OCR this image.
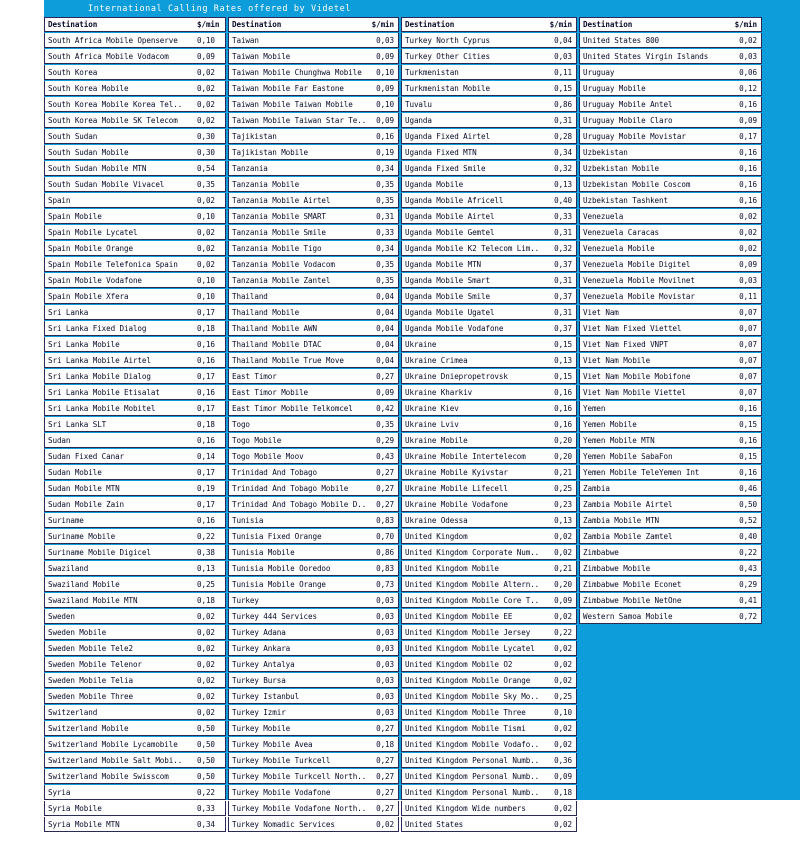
International Calling Rates offered by Videtel
Destination	$/min
South Africa Mobile Openserve	0,10
South Africa Mobile Vodacom	0,09
South Korea	0,02
South Korea Mobile	0,02
South Korea Mobile Korea Tel..	0,02
South Korea Mobile SK Telecom	0,02
South Sudan	0,30
South Sudan Mobile	0,30
South Sudan Mobile MTN	0,54
South Sudan Mobile Vivacel	0,35
Spain	0,02
Spain Mobile	0,10
Spain Mobile Lycatel	0,02
Spain Mobile Orange	0,02
Spain Mobile Telefonica Spain	0,02
Spain Mobile Vodafone	0,10
Spain Mobile Xfera	0,10
Sri Lanka	0,17
Sri Lanka Fixed Dialog	0,18
Sri Lanka Mobile	0,16
Sri Lanka Mobile Airtel	0,16
Sri Lanka Mobile Dialog	0,17
Sri Lanka Mobile Etisalat	0,16
Sri Lanka Mobile Mobitel	0,17
Sri Lanka SLT	0,18
Sudan	0,16
Sudan Fixed Canar	0,14
Sudan Mobile	0,17
Sudan Mobile MTN	0,19
Sudan Mobile Zain	0,17
Suriname	0,16
Suriname Mobile	0,22
Suriname Mobile Digicel	0,38
Swaziland	0,13
Swaziland Mobile	0,25
Swaziland Mobile MTN	0,18
Sweden	0,02
Sweden Mobile	0,02
Sweden Mobile Tele2	0,02
Sweden Mobile Telenor	0,02
Sweden Mobile Telia	0,02
Sweden Mobile Three	0,02
Switzerland	0,02
Switzerland Mobile	0,50
Switzerland Mobile Lycamobile	0,50
Switzerland Mobile Salt Mobi..	0,50
Switzerland Mobile Swisscom	0,50
Syria	0,22
Syria Mobile	0,33
Syria Mobile MTN	0,34
Destination	$/min
Taiwan	0,03
Taiwan Mobile	0,09
Taiwan Mobile Chunghwa Mobile	0,10
Taiwan Mobile Far Eastone	0,09
Taiwan Mobile Taiwan Mobile	0,10
Taiwan Mobile Taiwan Star Te..	0,09
Tajikistan	0,16
Tajikistan Mobile	0,19
Tanzania	0,34
Tanzania Mobile	0,35
Tanzania Mobile Airtel	0,35
Tanzania Mobile SMART	0,31
Tanzania Mobile Smile	0,33
Tanzania Mobile Tigo	0,34
Tanzania Mobile Vodacom	0,35
Tanzania Mobile Zantel	0,35
Thailand	0,04
Thailand Mobile	0,04
Thailand Mobile AWN	0,04
Thailand Mobile DTAC	0,04
Thailand Mobile True Move	0,04
East Timor	0,27
East Timor Mobile	0,09
East Timor Mobile Telkomcel	0,42
Togo	0,35
Togo Mobile	0,29
Togo Mobile Moov	0,43
Trinidad And Tobago	0,27
Trinidad And Tobago Mobile	0,27
Trinidad And Tobago Mobile D..	0,27
Tunisia	0,83
Tunisia Fixed Orange	0,70
Tunisia Mobile	0,86
Tunisia Mobile Ooredoo	0,83
Tunisia Mobile Orange	0,73
Turkey	0,03
Turkey 444 Services	0,03
Turkey Adana	0,03
Turkey Ankara	0,03
Turkey Antalya	0,03
Turkey Bursa	0,03
Turkey Istanbul	0,03
Turkey Izmir	0,03
Turkey Mobile	0,27
Turkey Mobile Avea	0,18
Turkey Mobile Turkcell	0,27
Turkey Mobile Turkcell North..	0,27
Turkey Mobile Vodafone	0,27
Turkey Mobile Vodafone North..	0,27
Turkey Nomadic Services	0,02
Destination	$/min
Turkey North Cyprus	0,04
Turkey Other Cities	0,03
Turkmenistan	0,11
Turkmenistan Mobile	0,15
Tuvalu	0,86
Uganda	0,31
Uganda Fixed Airtel	0,28
Uganda Fixed MTN	0,34
Uganda Fixed Smile	0,32
Uganda Mobile	0,13
Uganda Mobile Africell	0,40
Uganda Mobile Airtel	0,33
Uganda Mobile Gemtel	0,31
Uganda Mobile K2 Telecom Lim..	0,32
Uganda Mobile MTN	0,37
Uganda Mobile Smart	0,31
Uganda Mobile Smile	0,37
Uganda Mobile Ugatel	0,31
Uganda Mobile Vodafone	0,37
Ukraine	0,15
Ukraine Crimea	0,13
Ukraine Dniepropetrovsk	0,15
Ukraine Kharkiv	0,16
Ukraine Kiev	0,16
Ukraine Lviv	0,16
Ukraine Mobile	0,20
Ukraine Mobile Intertelecom	0,20
Ukraine Mobile Kyivstar	0,21
Ukraine Mobile Lifecell	0,25
Ukraine Mobile Vodafone	0,23
Ukraine Odessa	0,13
United Kingdom	0,02
United Kingdom Corporate Num..	0,02
United Kingdom Mobile	0,21
United Kingdom Mobile Altern..	0,20
United Kingdom Mobile Core T..	0,09
United Kingdom Mobile EE	0,02
United Kingdom Mobile Jersey	0,22
United Kingdom Mobile Lycatel	0,02
United Kingdom Mobile O2	0,02
United Kingdom Mobile Orange	0,02
United Kingdom Mobile Sky Mo..	0,25
United Kingdom Mobile Three	0,10
United Kingdom Mobile Tismi	0,02
United Kingdom Mobile Vodafo..	0,02
United Kingdom Personal Numb..	0,36
United Kingdom Personal Numb..	0,09
United Kingdom Personal Numb..	0,18
United Kingdom Wide numbers	0,02
United States	0,02
Destination	$/min
United States 800	0,02
United States Virgin Islands	0,03
Uruguay	0,06
Uruguay Mobile	0,12
Uruguay Mobile Antel	0,16
Uruguay Mobile Claro	0,09
Uruguay Mobile Movistar	0,17
Uzbekistan	0,16
Uzbekistan Mobile	0,16
Uzbekistan Mobile Coscom	0,16
Uzbekistan Tashkent	0,16
Venezuela	0,02
Venezuela Caracas	0,02
Venezuela Mobile	0,02
Venezuela Mobile Digitel	0,09
Venezuela Mobile Movilnet	0,03
Venezuela Mobile Movistar	0,11
Viet Nam	0,07
Viet Nam Fixed Viettel	0,07
Viet Nam Fixed VNPT	0,07
Viet Nam Mobile	0,07
Viet Nam Mobile Mobifone	0,07
Viet Nam Mobile Viettel	0,07
Yemen	0,16
Yemen Mobile	0,15
Yemen Mobile MTN	0,16
Yemen Mobile SabaFon	0,15
Yemen Mobile TeleYemen Int	0,16
Zambia	0,46
Zambia Mobile Airtel	0,50
Zambia Mobile MTN	0,52
Zambia Mobile Zamtel	0,40
Zimbabwe	0,22
Zimbabwe Mobile	0,43
Zimbabwe Mobile Econet	0,29
Zimbabwe Mobile NetOne	0,41
Western Samoa Mobile	0,72
* prices are subject to change without notice
** all rates are subject to 20% services fee
